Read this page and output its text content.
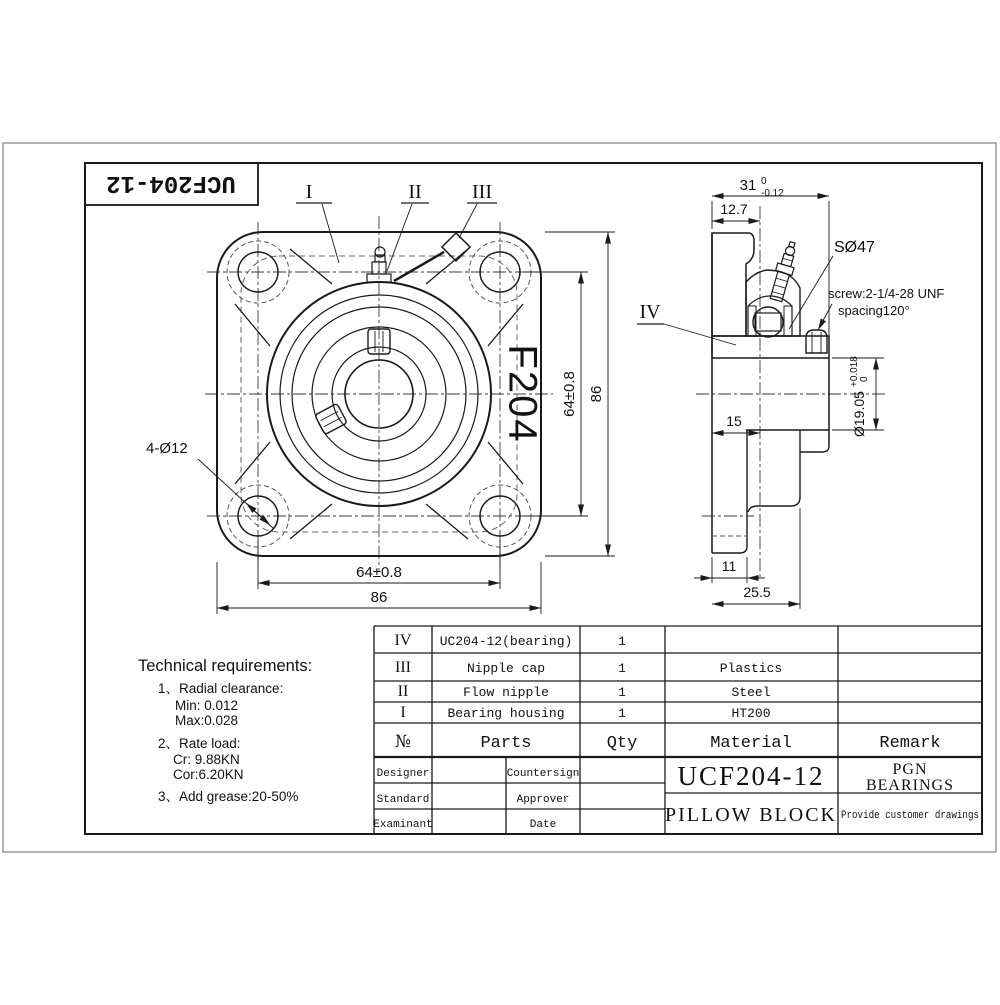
UCF204-12	I	II	III
F204
4-Ø12
64±0.8
86
64±0.8 86
31 0
-0.12
12.7
SØ47
screw:2-1/4-28 UNF
spacing120°
IV
15	Ø19.05
+0.018 0
11
25.5
Technical requirements:
1、Radial clearance:
Min: 0.012
Max:0.028
2、Rate load:
Cr: 9.88KN
Cor:6.20KN
3、Add grease:20-50%
IV UC204-12(bearing)	1
III	Nipple cap	1	Plastics
II	Flow nipple	1	Steel
I	Bearing housing	1	HT200
№	Parts	Qty	Material	Remark
Designer	Countersign
Standard	Approver
Examinant	Date
UCF204-12
PILLOW BLOCK
PGN
BEARINGS
Provide customer drawings
